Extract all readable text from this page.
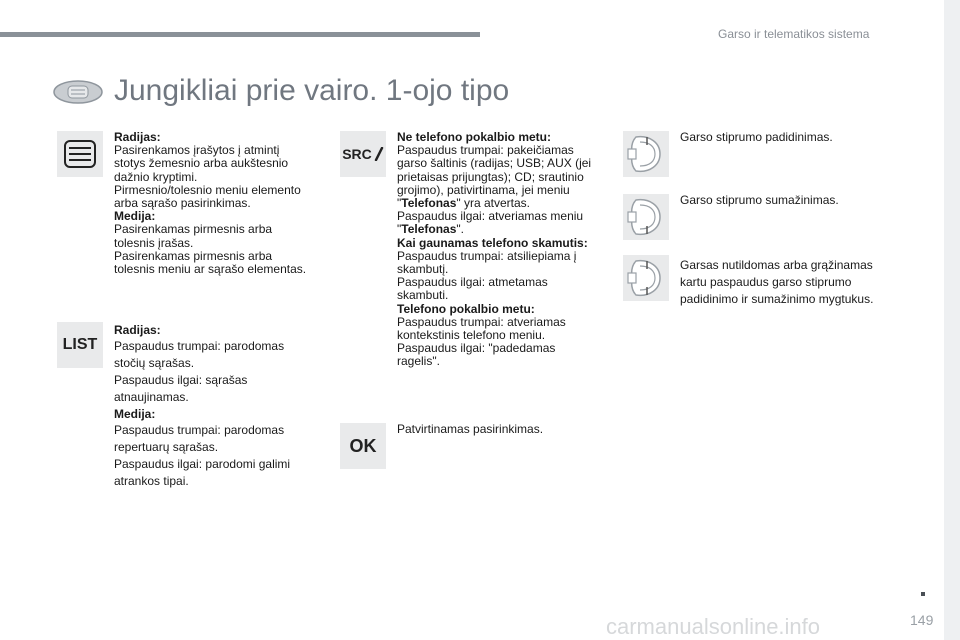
Garso ir telematikos sistema
Jungikliai prie vairo. 1-ojo tipo

Radijas:

Pasirenkamos įrašytos į atmintį

stotys žemesnio arba aukštesnio

dažnio kryptimi.

Pirmesnio/tolesnio meniu elemento

arba sąrašo pasirinkimas.

Medija:

Pasirenkamas pirmesnis arba

tolesnis įrašas.

Pasirenkamas pirmesnis arba

tolesnis meniu ar sąrašo elementas.

LIST

Radijas:

Paspaudus trumpai: parodomas

stočių sąrašas.

Paspaudus ilgai: sąrašas

atnaujinamas.

Medija:

Paspaudus trumpai: parodomas

repertuarų sąrašas.

Paspaudus ilgai: parodomi galimi

atrankos tipai.

SRC

Ne telefono pokalbio metu:

Paspaudus trumpai: pakeičiamas

garso šaltinis (radijas; USB; AUX (jei

prietaisas prijungtas); CD; srautinio

grojimo), pativirtinama, jei meniu

"Telefonas" yra atvertas.

Paspaudus ilgai: atveriamas meniu

"Telefonas".

Kai gaunamas telefono skamutis:

Paspaudus trumpai: atsiliepiama į

skambutį.

Paspaudus ilgai: atmetamas

skambuti.

Telefono pokalbio metu:

Paspaudus trumpai: atveriamas

kontekstinis telefono meniu.

Paspaudus ilgai: "padedamas

ragelis".

OK

Patvirtinamas pasirinkimas.

Garso stiprumo padidinimas.

Garso stiprumo sumažinimas.

Garsas nutildomas arba grąžinamas

kartu paspaudus garso stiprumo

padidinimo ir sumažinimo mygtukus.

149
carmanualsonline.info
